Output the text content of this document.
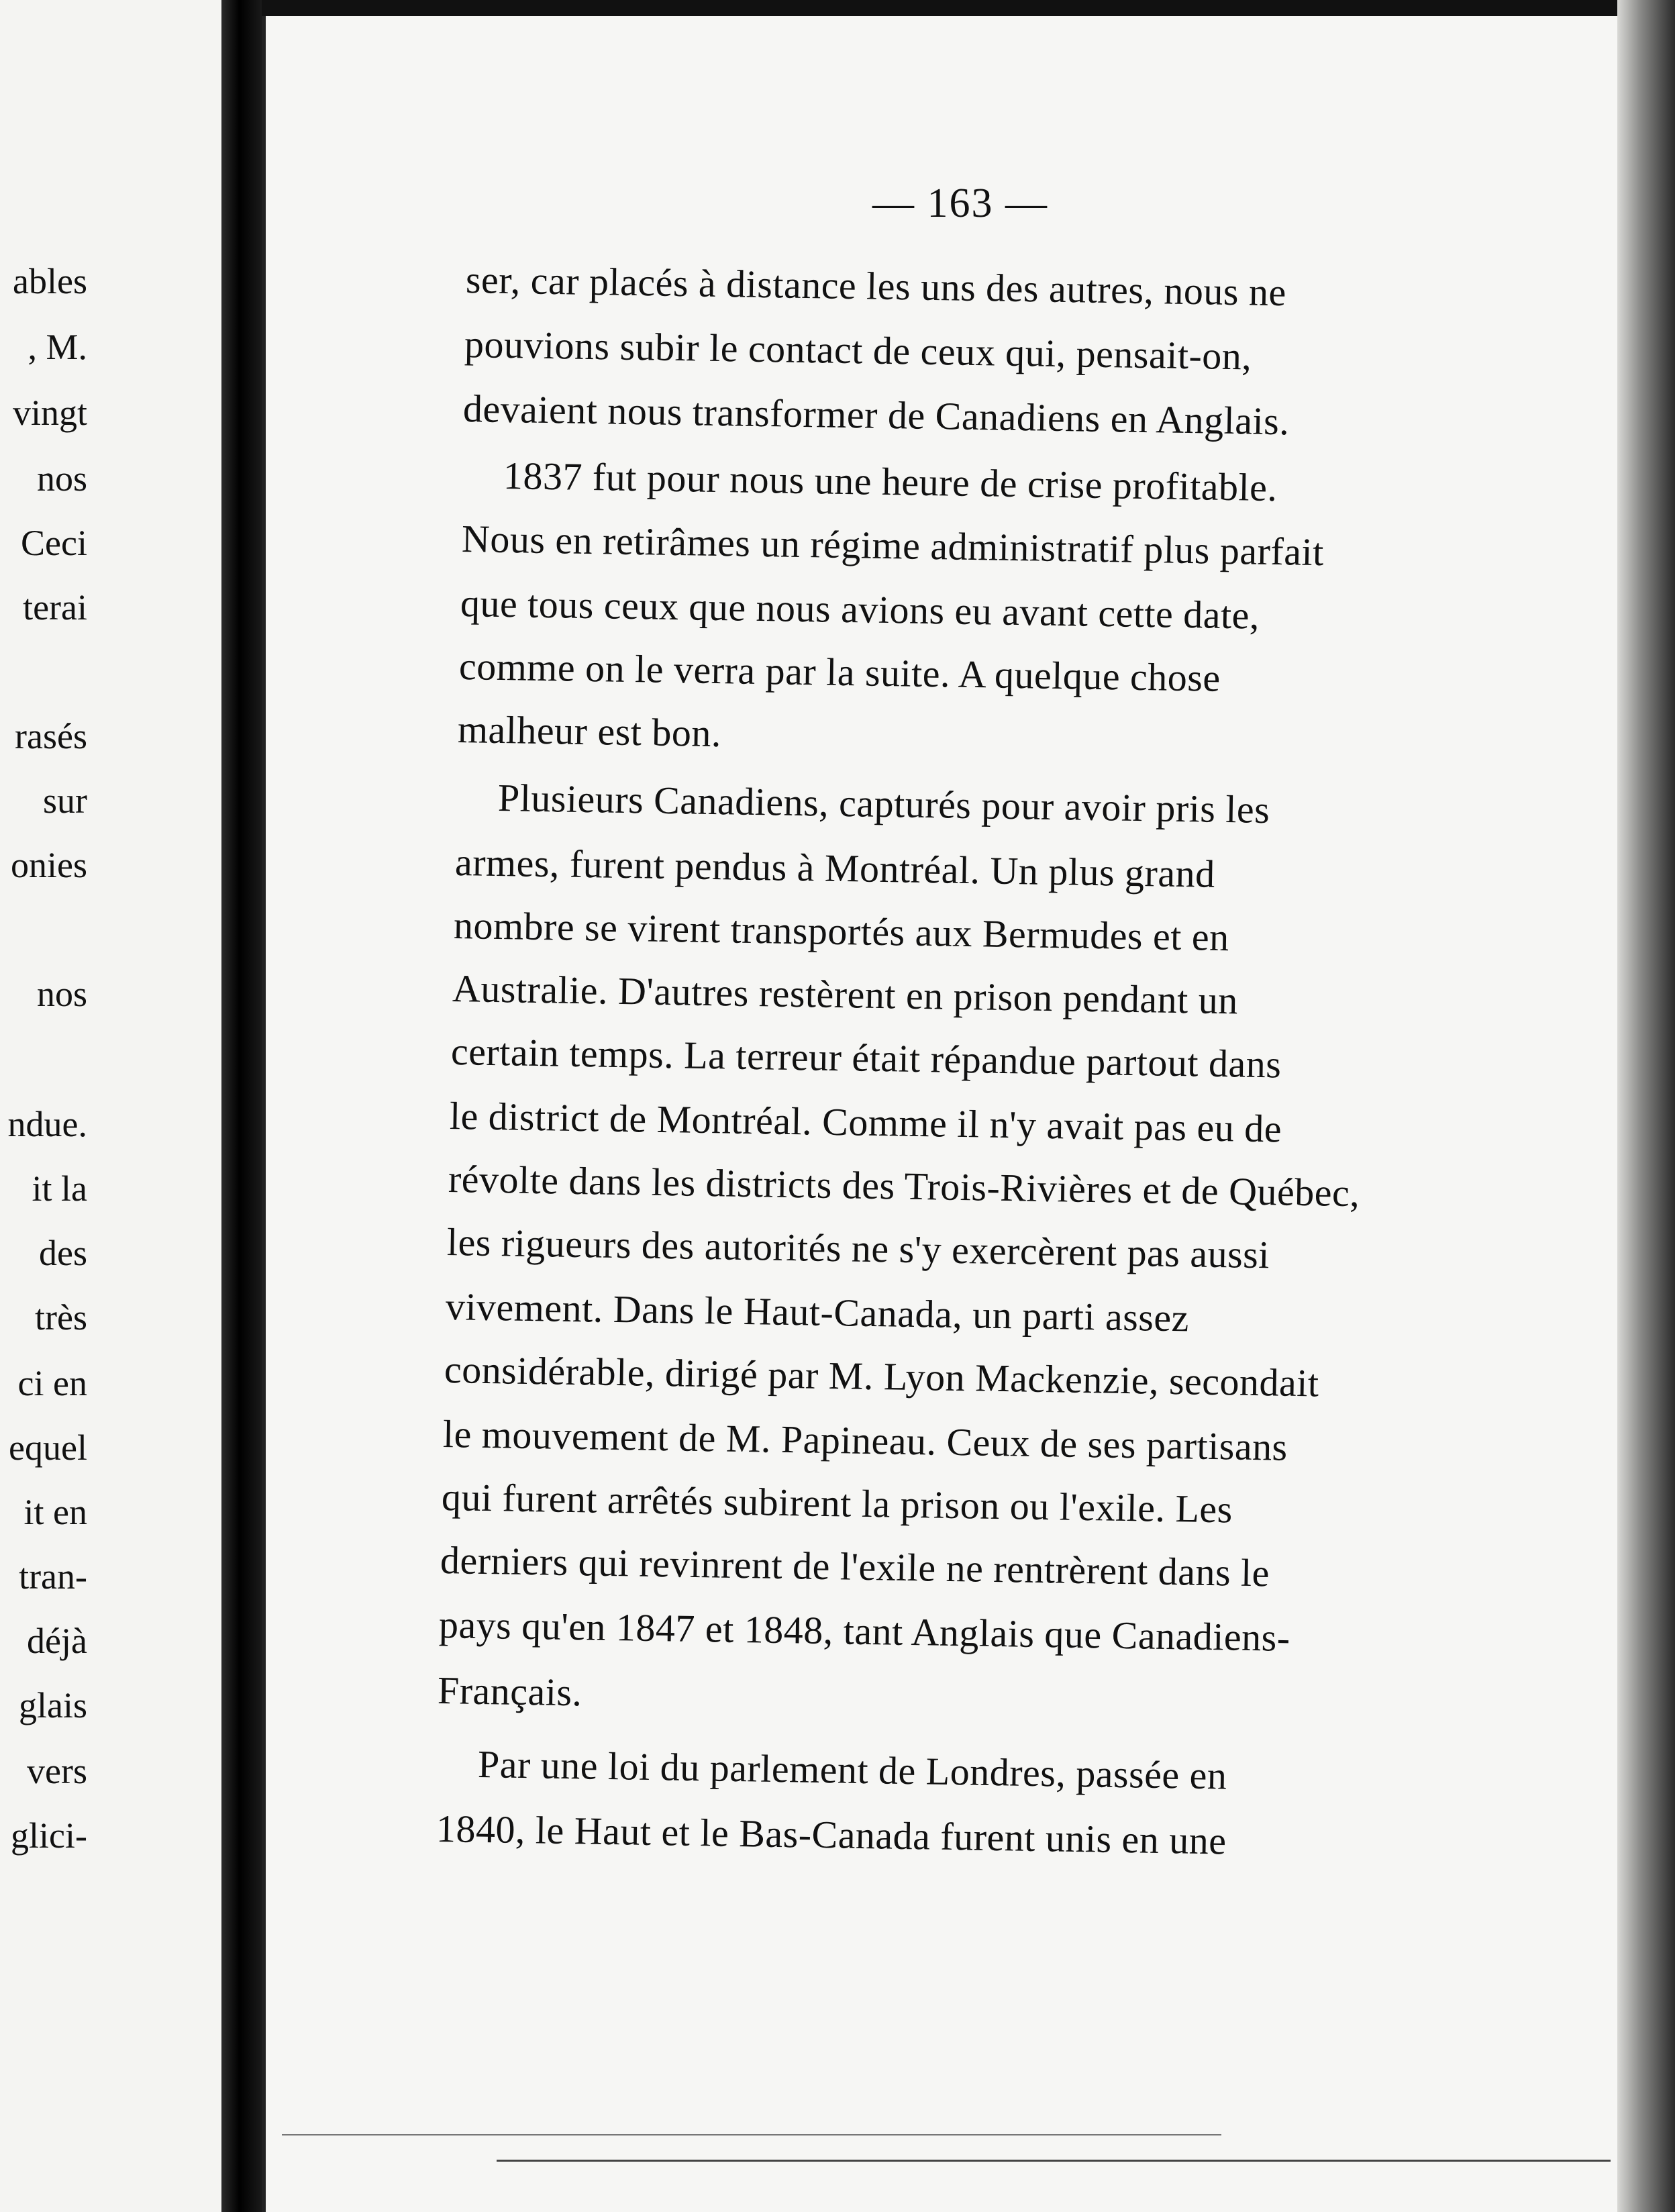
ables
, M.
vingt
nos
Ceci
terai
rasés
sur
onies
nos
ndue.
it la
des
très
ci en
equel
it en
tran-
déjà
glais
vers
glici-
— 163 —
ser, car placés à distance les uns des autres, nous ne
pouvions subir le contact de ceux qui, pensait-on,
devaient nous transformer de Canadiens en Anglais.
1837 fut pour nous une heure de crise profitable.
Nous en retirâmes un régime administratif plus parfait
que tous ceux que nous avions eu avant cette date,
comme on le verra par la suite. A quelque chose
malheur est bon.
Plusieurs Canadiens, capturés pour avoir pris les
armes, furent pendus à Montréal. Un plus grand
nombre se virent transportés aux Bermudes et en
Australie. D'autres restèrent en prison pendant un
certain temps. La terreur était répandue partout dans
le district de Montréal. Comme il n'y avait pas eu de
révolte dans les districts des Trois-Rivières et de Québec,
les rigueurs des autorités ne s'y exercèrent pas aussi
vivement. Dans le Haut-Canada, un parti assez
considérable, dirigé par M. Lyon Mackenzie, secondait
le mouvement de M. Papineau. Ceux de ses partisans
qui furent arrêtés subirent la prison ou l'exile. Les
derniers qui revinrent de l'exile ne rentrèrent dans le
pays qu'en 1847 et 1848, tant Anglais que Canadiens-
Français.
Par une loi du parlement de Londres, passée en
1840, le Haut et le Bas-Canada furent unis en une
